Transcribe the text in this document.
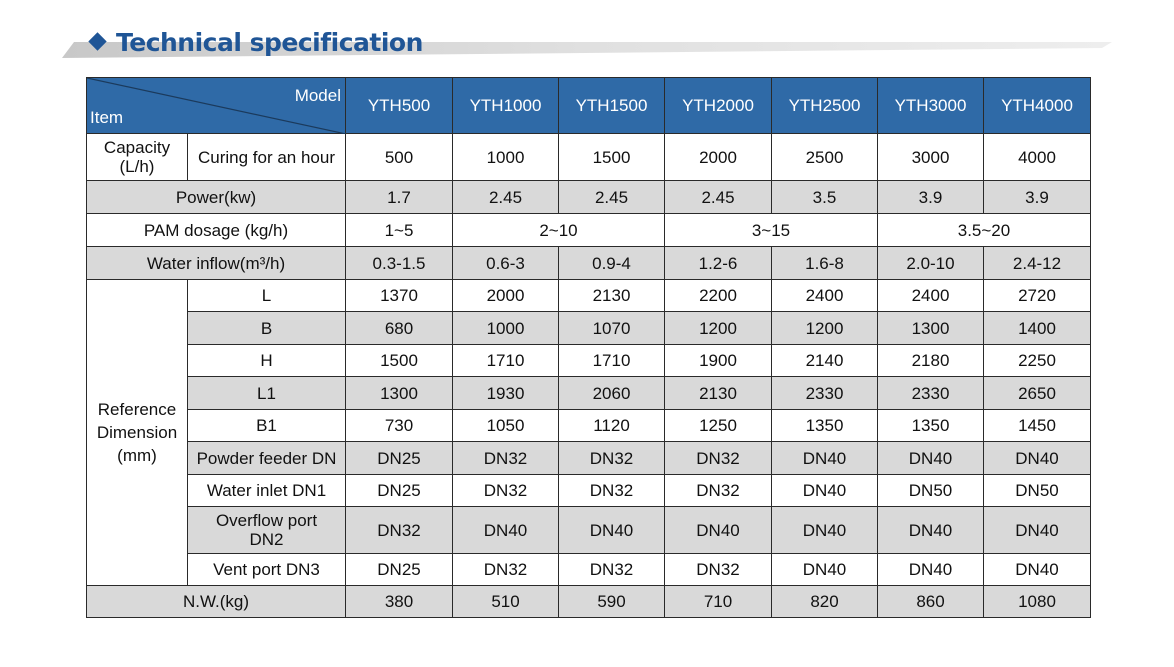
Technical specification
Model
Item		YTH500	YTH1000	YTH1500	YTH2000	YTH2500	YTH3000	YTH4000
Capacity (L/h)	Curing for an hour	500	1000	1500	2000	2500	3000	4000
Power(kw)		1.7	2.45	2.45	2.45	3.5	3.9	3.9
PAM dosage (kg/h)		1~5	2~10		3~15		3.5~20	
Water inflow(m³/h)		0.3-1.5	0.6-3	0.9-4	1.2-6	1.6-8	2.0-10	2.4-12
Reference Dimension (mm)	L	1370	2000	2130	2200	2400	2400	2720
	B	680	1000	1070	1200	1200	1300	1400
	H	1500	1710	1710	1900	2140	2180	2250
	L1	1300	1930	2060	2130	2330	2330	2650
	B1	730	1050	1120	1250	1350	1350	1450
	Powder feeder DN	DN25	DN32	DN32	DN32	DN40	DN40	DN40
	Water inlet DN1	DN25	DN32	DN32	DN32	DN40	DN50	DN50
	Overflow port DN2	DN32	DN40	DN40	DN40	DN40	DN40	DN40
	Vent port DN3	DN25	DN32	DN32	DN32	DN40	DN40	DN40
N.W.(kg)		380	510	590	710	820	860	1080
